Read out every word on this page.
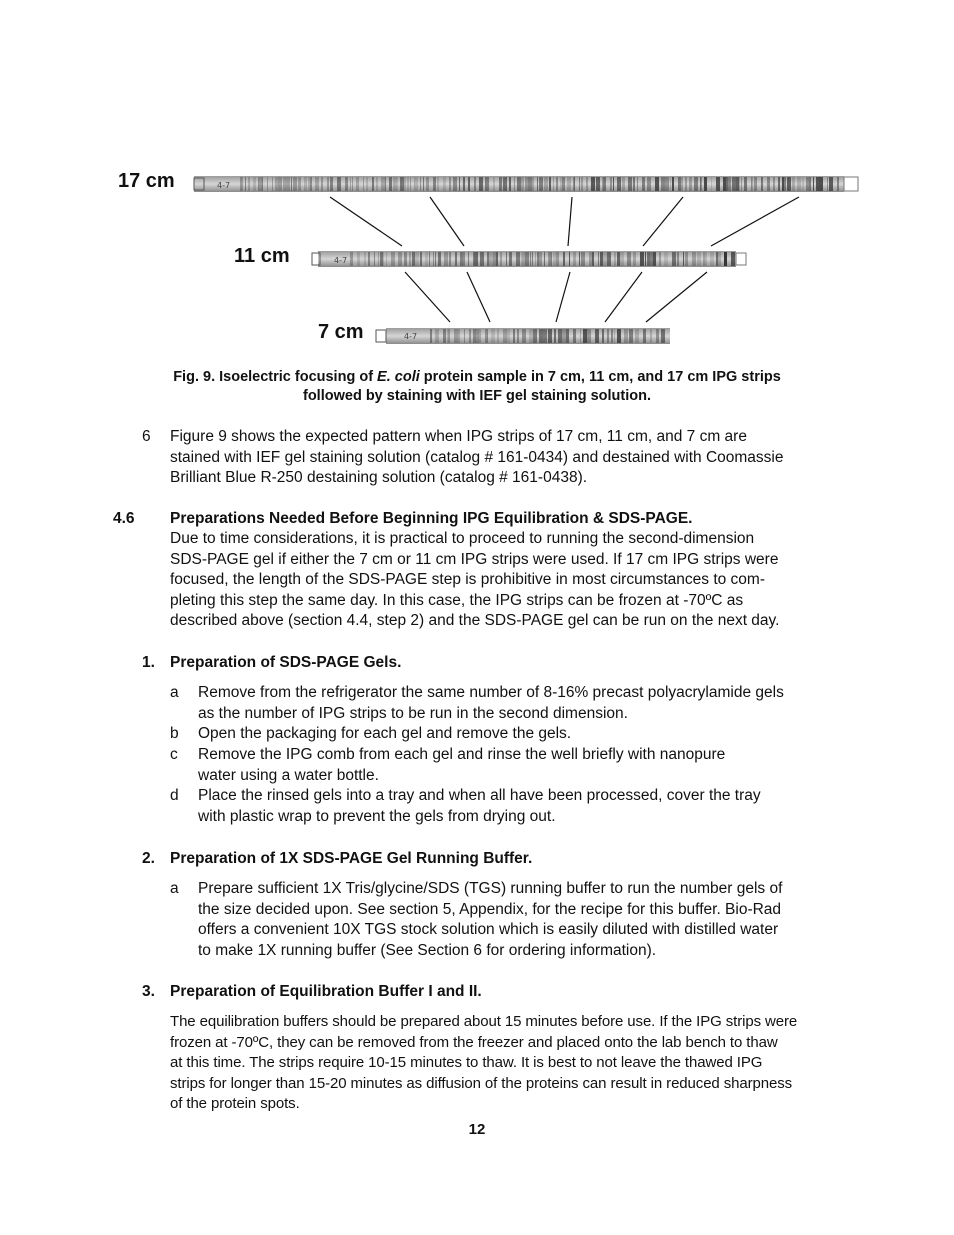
17 cm
11 cm
7 cm
4-7
4-7
4-7
Fig. 9. Isoelectric focusing of E. coli protein sample in 7 cm, 11 cm, and 17 cm IPG strips
followed by staining with IEF gel staining solution.
6 Figure 9 shows the expected pattern when IPG strips of 17 cm, 11 cm, and 7 cm are
stained with IEF gel staining solution (catalog # 161-0434) and destained with Coomassie
Brilliant Blue R-250 destaining solution (catalog # 161-0438).
4.6 Preparations Needed Before Beginning IPG Equilibration & SDS-PAGE.
Due to time considerations, it is practical to proceed to running the second-dimension
SDS-PAGE gel if either the 7 cm or 11 cm IPG strips were used. If 17 cm IPG strips were
focused, the length of the SDS-PAGE step is prohibitive in most circumstances to com-
pleting this step the same day. In this case, the IPG strips can be frozen at -70ºC as
described above (section 4.4, step 2) and the SDS-PAGE gel can be run on the next day.
1. Preparation of SDS-PAGE Gels.
a Remove from the refrigerator the same number of 8-16% precast polyacrylamide gels
as the number of IPG strips to be run in the second dimension.
b Open the packaging for each gel and remove the gels.
c Remove the IPG comb from each gel and rinse the well briefly with nanopure
water using a water bottle.
d Place the rinsed gels into a tray and when all have been processed, cover the tray
with plastic wrap to prevent the gels from drying out.
2. Preparation of 1X SDS-PAGE Gel Running Buffer.
a Prepare sufficient 1X Tris/glycine/SDS (TGS) running buffer to run the number gels of
the size decided upon. See section 5, Appendix, for the recipe for this buffer. Bio-Rad
offers a convenient 10X TGS stock solution which is easily diluted with distilled water
to make 1X running buffer (See Section 6 for ordering information).
3. Preparation of Equilibration Buffer I and II.
The equilibration buffers should be prepared about 15 minutes before use. If the IPG strips were
frozen at -70ºC, they can be removed from the freezer and placed onto the lab bench to thaw
at this time. The strips require 10-15 minutes to thaw. It is best to not leave the thawed IPG
strips for longer than 15-20 minutes as diffusion of the proteins can result in reduced sharpness
of the protein spots.
12
